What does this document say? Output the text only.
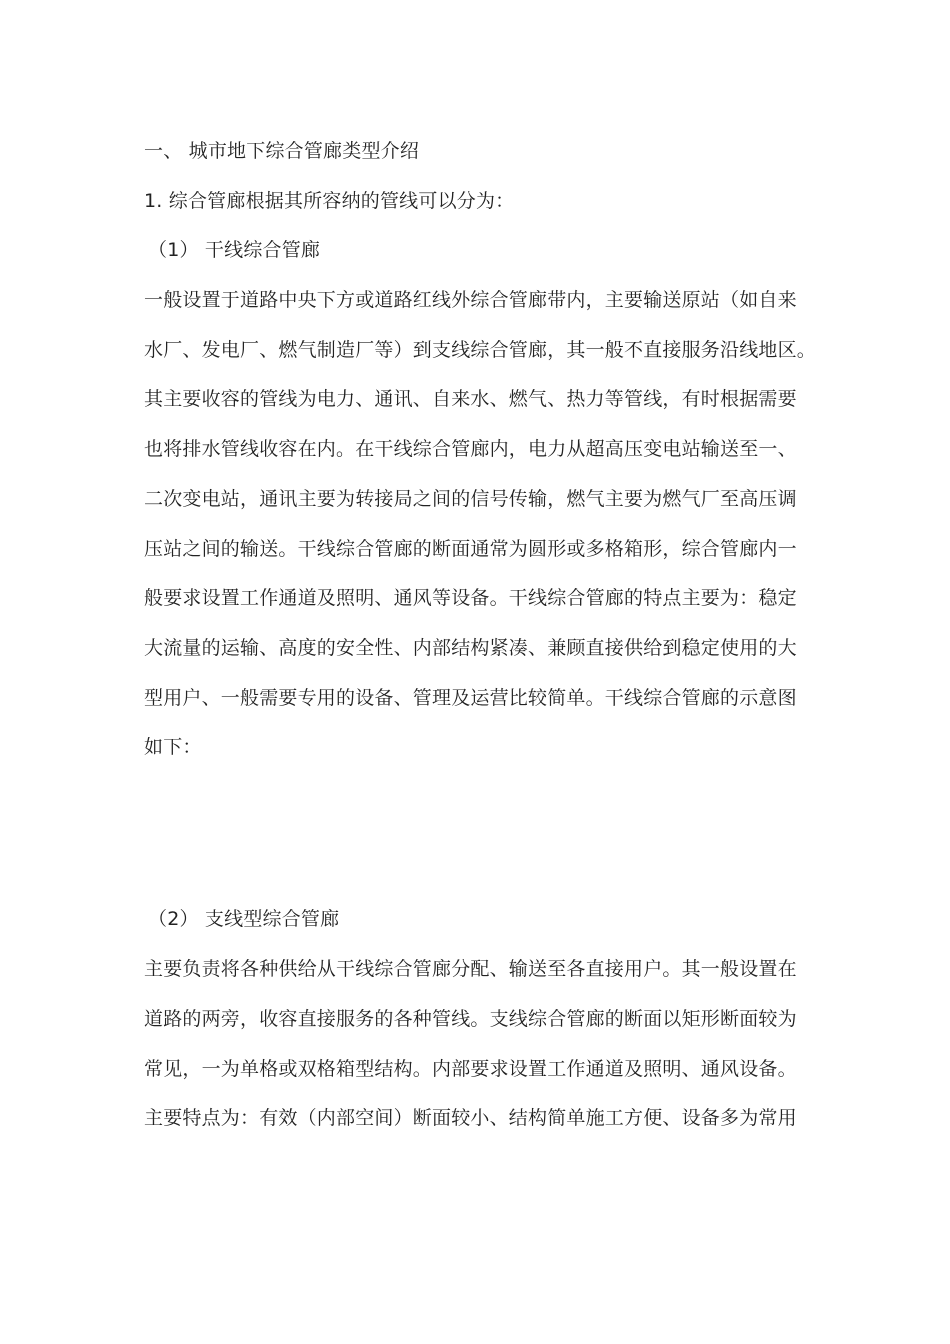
一、 城市地下综合管廊类型介绍
1. 综合管廊根据其所容纳的管线可以分为：
（1） 干线综合管廊
一般设置于道路中央下方或道路红线外综合管廊带内，主要输送原站（如自来
水厂、发电厂、燃气制造厂等）到支线综合管廊，其一般不直接服务沿线地区。
其主要收容的管线为电力、通讯、自来水、燃气、热力等管线，有时根据需要
也将排水管线收容在内。在干线综合管廊内，电力从超高压变电站输送至一、
二次变电站，通讯主要为转接局之间的信号传输，燃气主要为燃气厂至高压调
压站之间的输送。干线综合管廊的断面通常为圆形或多格箱形，综合管廊内一
般要求设置工作通道及照明、通风等设备。干线综合管廊的特点主要为：稳定
大流量的运输、高度的安全性、内部结构紧凑、兼顾直接供给到稳定使用的大
型用户、一般需要专用的设备、管理及运营比较简单。干线综合管廊的示意图
如下：
（2） 支线型综合管廊
主要负责将各种供给从干线综合管廊分配、输送至各直接用户。其一般设置在
道路的两旁，收容直接服务的各种管线。支线综合管廊的断面以矩形断面较为
常见，一为单格或双格箱型结构。内部要求设置工作通道及照明、通风设备。
主要特点为：有效（内部空间）断面较小、结构简单施工方便、设备多为常用
